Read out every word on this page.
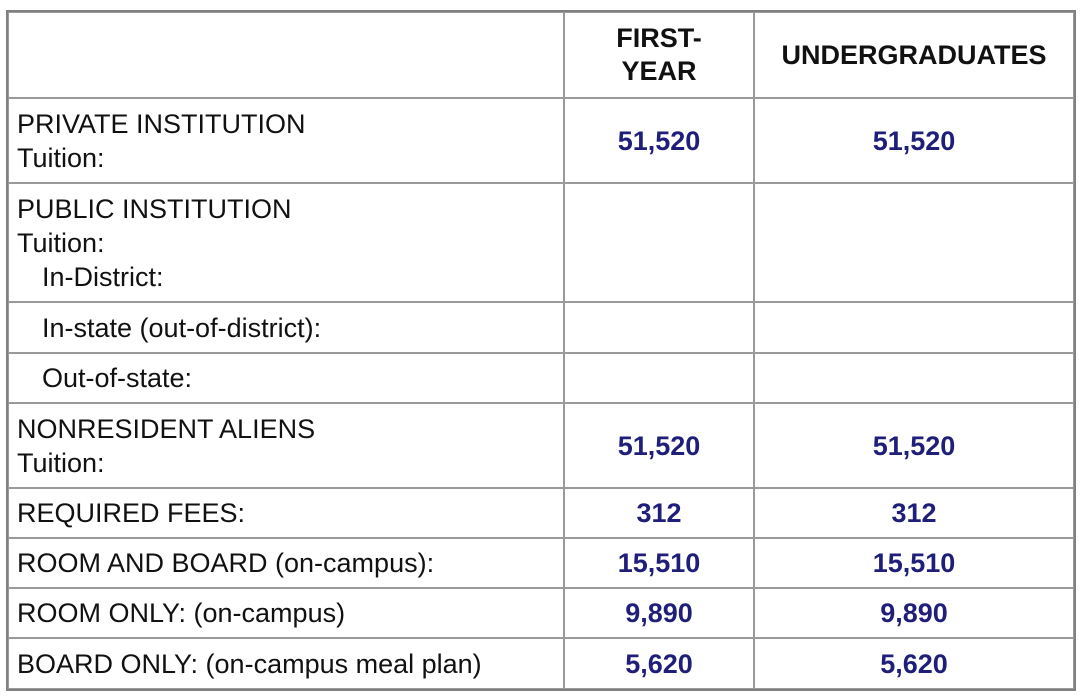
	FIRST-
YEAR	UNDERGRADUATES

PRIVATE INSTITUTION
Tuition:	51,520	51,520

PUBLIC INSTITUTION
Tuition:
In-District:		

In-state (out-of-district):		

Out-of-state:		

NONRESIDENT ALIENS
Tuition:	51,520	51,520

REQUIRED FEES:	312	312

ROOM AND BOARD (on-campus):	15,510	15,510

ROOM ONLY: (on-campus)	9,890	9,890

BOARD ONLY: (on-campus meal plan)	5,620	5,620
